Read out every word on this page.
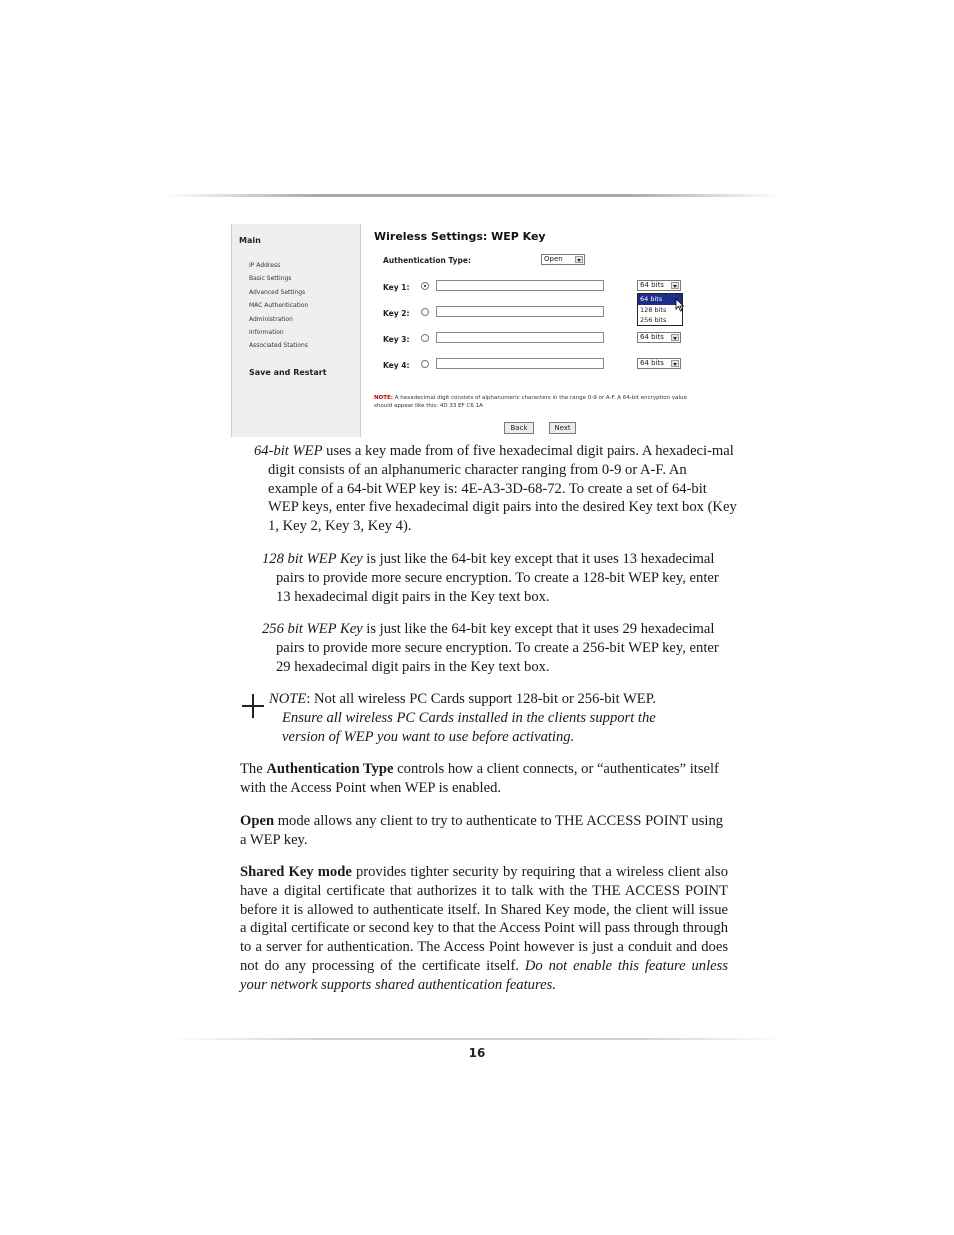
Main
IP Address
Basic Settings
Advanced Settings
MAC Authentication
Administration
Information
Associated Stations
Save and Restart
Wireless Settings: WEP Key
Authentication Type:	Open
Key 1:	64 bits
64 bits
128 bits
256 bits
Key 2:
Key 3:	64 bits
Key 4:	64 bits
NOTE: A hexadecimal digit consists of alphanumeric characters in the range 0-9 or A-F. A 64-bit encryption value should appear like this: 4D 33 EF C6 1A
Back	Next

64-bit WEP uses a key made from of five hexadecimal digit pairs. A hexadeci-mal digit consists of an alphanumeric character ranging from 0-9 or A-F. An example of a 64-bit WEP key is: 4E-A3-3D-68-72. To create a set of 64-bit WEP keys, enter five hexadecimal digit pairs into the desired Key text box (Key 1, Key 2, Key 3, Key 4).

128 bit WEP Key is just like the 64-bit key except that it uses 13 hexadecimal pairs to provide more secure encryption. To create a 128-bit WEP key, enter 13 hexadecimal digit pairs in the Key text box.

256 bit WEP Key is just like the 64-bit key except that it uses 29 hexadecimal pairs to provide more secure encryption. To create a 256-bit WEP key, enter 29 hexadecimal digit pairs in the Key text box.

NOTE: Not all wireless PC Cards support 128-bit or 256-bit WEP.

Ensure all wireless PC Cards installed in the clients support the version of WEP you want to use before activating.

The Authentication Type controls how a client connects, or “authenticates” itself with the Access Point when WEP is enabled.

Open mode allows any client to try to authenticate to THE ACCESS POINT using a WEP key.

Shared Key mode provides tighter security by requiring that a wireless client also have a digital certificate that authorizes it to talk with the THE ACCESS POINT before it is allowed to authenticate itself. In Shared Key mode, the client will issue a digital certificate or second key to that the Access Point will pass through through to a server for authentication. The Access Point however is just a conduit and does not do any processing of the certificate itself. Do not enable this feature unless your network supports shared authentication features.

16
